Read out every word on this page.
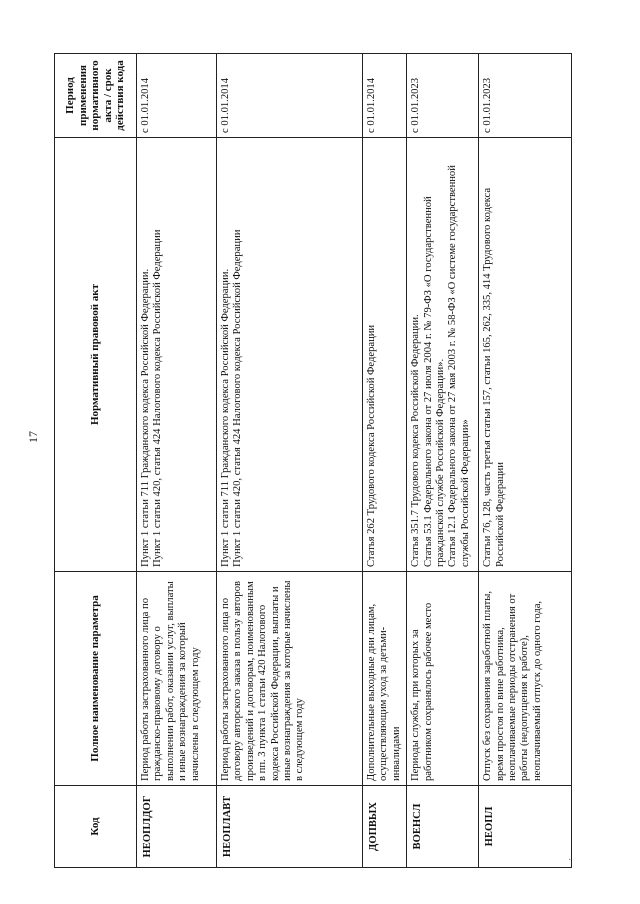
17
Код	Полное наименование параметра	Нормативный правовой акт	Период применения нормативного акта / срок действия кода
НЕОПЛДОГ	Период работы застрахованного лица по гражданско-правовому договору о выполнении работ, оказании услуг, выплаты и иные вознаграждения за который начислены в следующем году	Пункт 1 статьи 711 Гражданского кодекса Российской Федерации.
Пункт 1 статьи 420, статья 424 Налогового кодекса Российской Федерации	с 01.01.2014
НЕОПЛАВТ	Период работы застрахованного лица по договору авторского заказа в пользу авторов произведений и договорам, поименованным в пп. 3 пункта 1 статьи 420 Налогового кодекса Российской Федерации, выплаты и иные вознаграждения за которые начислены в следующем году	Пункт 1 статьи 711 Гражданского кодекса Российской Федерации.
Пункт 1 статьи 420, статья 424 Налогового кодекса Российской Федерации	с 01.01.2014
ДОПВЫХ	Дополнительные выходные дни лицам, осуществляющим уход за детьми-инвалидами	Статья 262 Трудового кодекса Российской Федерации	с 01.01.2014
ВОЕНСЛ	Периоды службы, при которых за работником сохранялось рабочее место	Статья 351.7 Трудового кодекса Российской Федерации.
Статья 53.1 Федерального закона от 27 июля 2004 г. № 79-ФЗ «О государственной гражданской службе Российской Федерации».
Статья 12.1 Федерального закона от 27 мая 2003 г. № 58-ФЗ «О системе государственной службы Российской Федерации»	с 01.01.2023
НЕОПЛ	Отпуск без сохранения заработной платы, время простоя по вине работника, неоплачиваемые периоды отстранения от работы (недопущения к работе), неоплачиваемый отпуск до одного года,	Статьи 76, 128, часть третья статьи 157, статьи 165, 262, 335, 414 Трудового кодекса Российской Федерации	с 01.01.2023
·
